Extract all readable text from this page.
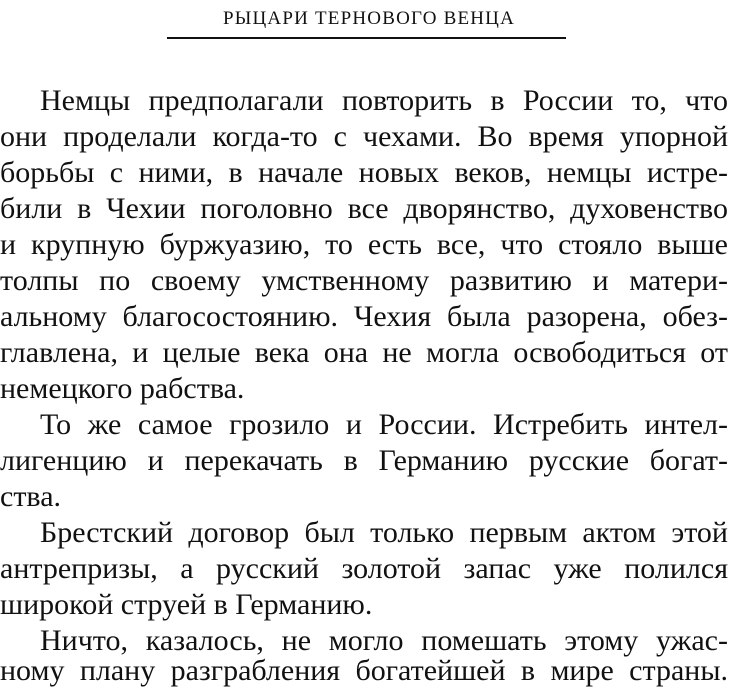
РЫЦАРИ ТЕРНОВОГО ВЕНЦА
Немцы предполагали повторить в России то, что
они проделали когда-то с чехами. Во время упорной
борьбы с ними, в начале новых веков, немцы истре-
били в Чехии поголовно все дворянство, духовенство
и крупную буржуазию, то есть все, что стояло выше
толпы по своему умственному развитию и матери-
альному благосостоянию. Чехия была разорена, обез-
главлена, и целые века она не могла освободиться от
немецкого рабства.
То же самое грозило и России. Истребить интел-
лигенцию и перекачать в Германию русские богат-
ства.
Брестский договор был только первым актом этой
антрепризы, а русский золотой запас уже полился
широкой струей в Германию.
Ничто, казалось, не могло помешать этому ужас-
ному плану разграбления богатейшей в мире страны.
